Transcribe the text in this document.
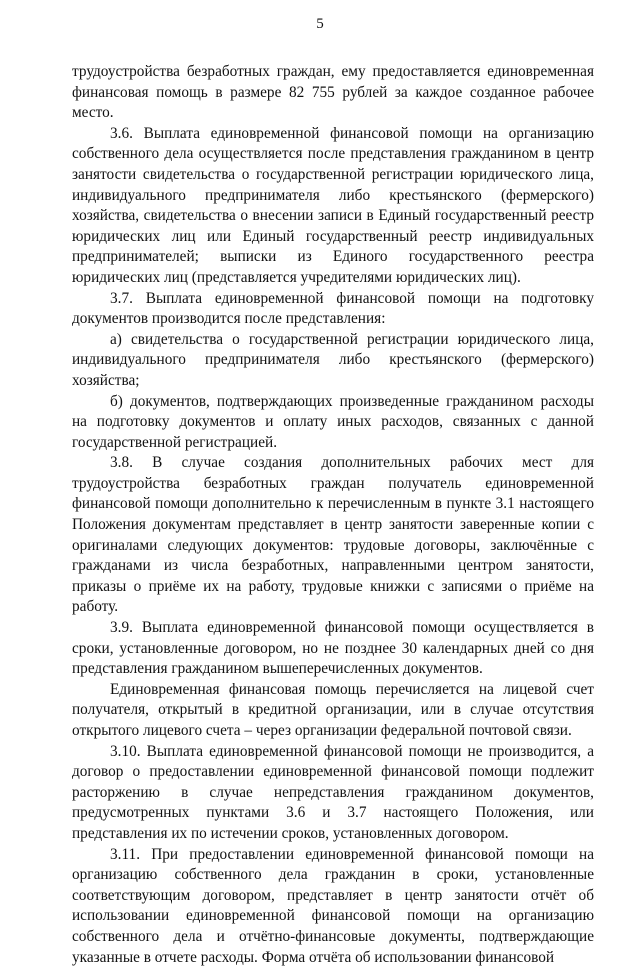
5

трудоустройства безработных граждан, ему предоставляется единовременная финансовая помощь в размере 82 755 рублей за каждое созданное рабочее место.

3.6. Выплата единовременной финансовой помощи на организацию собственного дела осуществляется после представления гражданином в центр занятости свидетельства о государственной регистрации юридического лица, индивидуального предпринимателя либо крестьянского (фермерского) хозяйства, свидетельства о внесении записи в Единый государственный реестр юридических лиц или Единый государственный реестр индивидуальных предпринимателей; выписки из Единого государственного реестра юридических лиц (представляется учредителями юридических лиц).

3.7. Выплата единовременной финансовой помощи на подготовку документов производится после представления:

а) свидетельства о государственной регистрации юридического лица, индивидуального предпринимателя либо крестьянского (фермерского) хозяйства;

б) документов, подтверждающих произведенные гражданином расходы на подготовку документов и оплату иных расходов, связанных с данной государственной регистрацией.

3.8. В случае создания дополнительных рабочих мест для трудоустройства безработных граждан получатель единовременной финансовой помощи дополнительно к перечисленным в пункте 3.1 настоящего Положения документам представляет в центр занятости заверенные копии с оригиналами следующих документов: трудовые договоры, заключённые с гражданами из числа безработных, направленными центром занятости, приказы о приёме их на работу, трудовые книжки с записями о приёме на работу.

3.9. Выплата единовременной финансовой помощи осуществляется в сроки, установленные договором, но не позднее 30 календарных дней со дня представления гражданином вышеперечисленных документов.

Единовременная финансовая помощь перечисляется на лицевой счет получателя, открытый в кредитной организации, или в случае отсутствия открытого лицевого счета – через организации федеральной почтовой связи.

3.10. Выплата единовременной финансовой помощи не производится, а договор о предоставлении единовременной финансовой помощи подлежит расторжению в случае непредставления гражданином документов, предусмотренных пунктами 3.6 и 3.7 настоящего Положения, или представления их по истечении сроков, установленных договором.

3.11. При предоставлении единовременной финансовой помощи на организацию собственного дела гражданин в сроки, установленные соответствующим договором, представляет в центр занятости отчёт об использовании единовременной финансовой помощи на организацию собственного дела и отчётно-финансовые документы, подтверждающие указанные в отчете расходы. Форма отчёта об использовании финансовой
